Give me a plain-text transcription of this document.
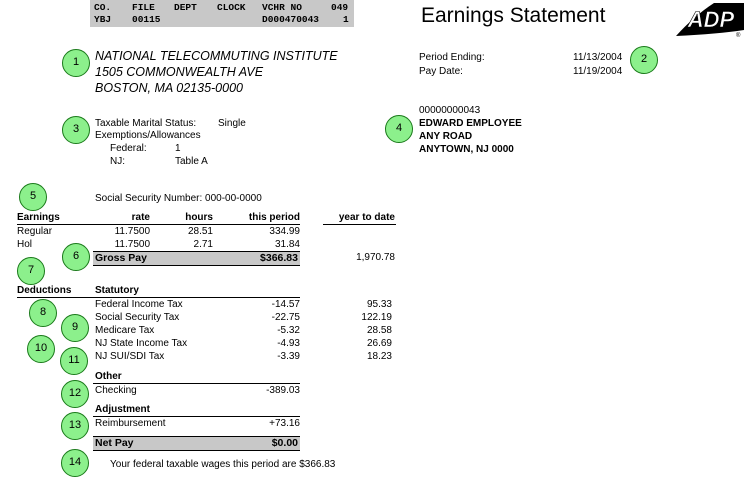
CO. FILE DEPT CLOCK VCHR NO	049
YBJ 00115	D000470043	1	Earnings Statement	ADP
®
NATIONAL TELECOMMUTING INSTITUTE
1505 COMMONWEALTH AVE
BOSTON, MA 02135-0000
Period Ending:	11/13/2004
Pay Date:	11/19/2004
Taxable Marital Status: Single
Exemptions/Allowances
Federal:	1
NJ:	Table A
00000000043
EDWARD EMPLOYEE
ANY ROAD
ANYTOWN, NJ 0000
Social Security Number: 000-00-0000
Earnings	rate	hours	this period	year to date
Regular	11.7500	28.51	334.99
Hol	11.7500	2.71	31.84
Gross Pay	$366.83	1,970.78
Deductions Statutory
Federal Income Tax	-14.57	95.33
Social Security Tax	-22.75	122.19
Medicare Tax	-5.32	28.58
NJ State Income Tax	-4.93	26.69
NJ SUI/SDI Tax	-3.39	18.23
Other
Checking	-389.03
Adjustment
Reimbursement	+73.16
Net Pay	$0.00
Your federal taxable wages this period are $366.83
1	2
3	4
5
6
7
8
9
10
11
12
13
14
